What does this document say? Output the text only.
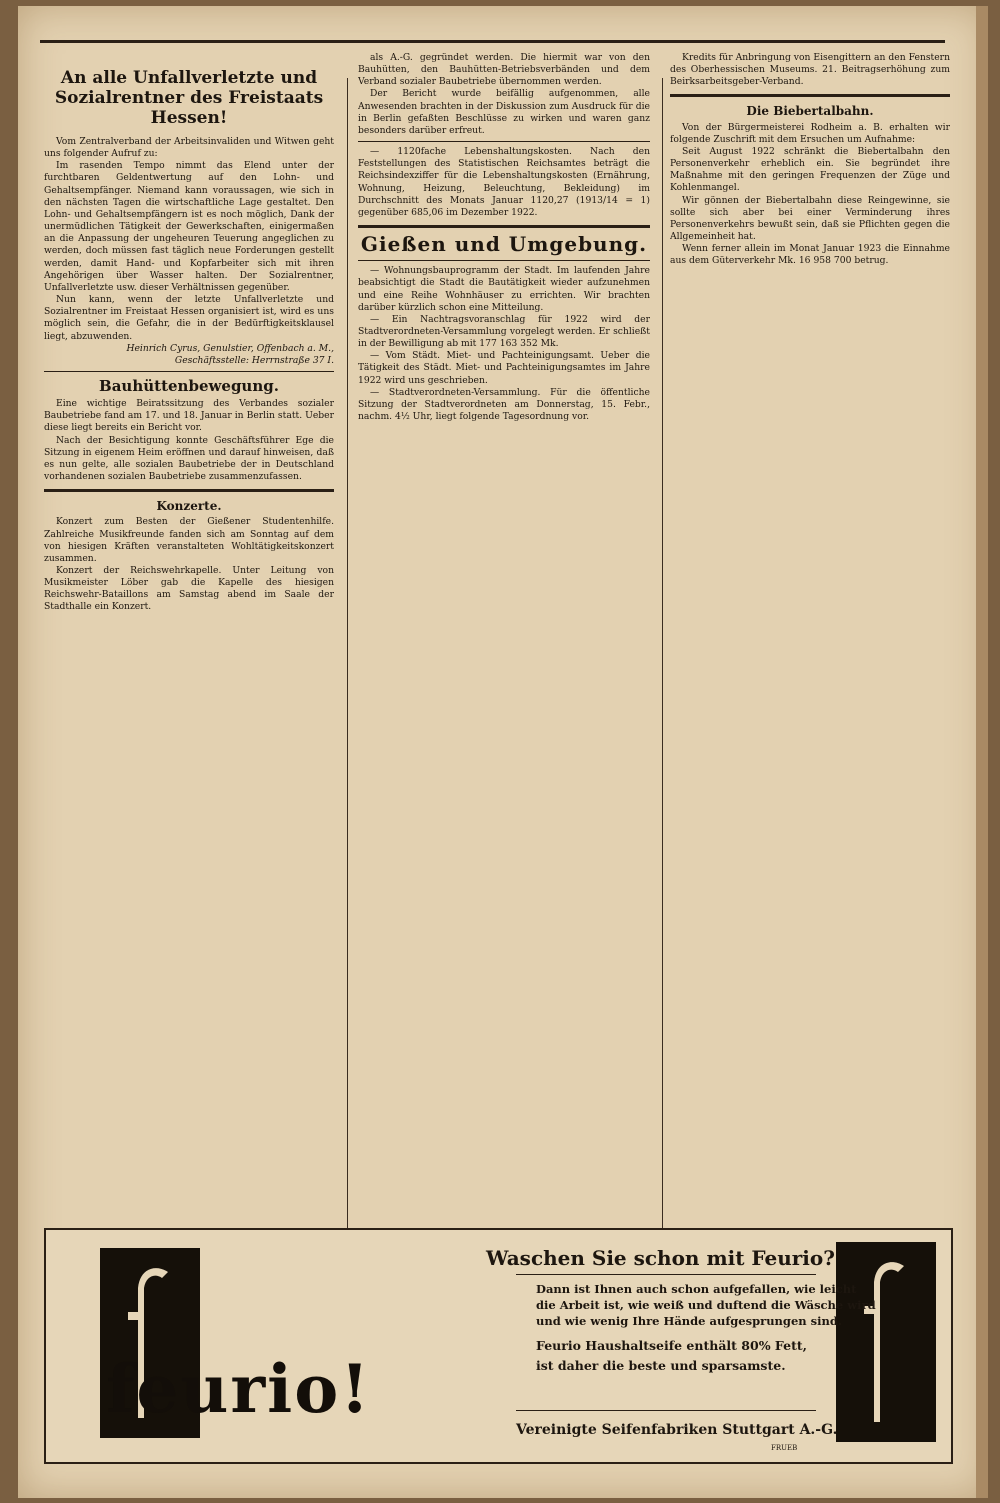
An alle Unfallverletzte und Sozialrentner des Freistaats Hessen!

Vom Zentralverband der Arbeitsinvaliden und Witwen geht uns folgender Aufruf zu:

Im rasenden Tempo nimmt das Elend unter der furchtbaren Geldentwertung auf den Lohn- und Gehaltsempfänger. Niemand kann voraussagen, wie sich in den nächsten Tagen die wirtschaftliche Lage gestaltet. Den Lohn- und Gehaltsempfängern ist es noch möglich, Dank der unermüdlichen Tätigkeit der Gewerkschaften, einigermaßen an die Anpassung der ungeheuren Teuerung angeglichen zu werden, doch müssen fast täglich neue Forderungen gestellt werden, damit Hand- und Kopfarbeiter sich mit ihren Angehörigen über Wasser halten. Der Sozialrentner, Unfallverletzte usw. dieser Verhältnissen gegenüber.

Nun kann, wenn der letzte Unfallverletzte und Sozialrentner im Freistaat Hessen organisiert ist, wird es uns möglich sein, die Gefahr, die in der Bedürftigkeitsklausel liegt, abzuwenden.

Heinrich Cyrus, Genulstier, Offenbach a. M., Geschäftsstelle: Herrnstraße 37 I.

Bauhüttenbewegung.

Eine wichtige Beiratssitzung des Verbandes sozialer Baubetriebe fand am 17. und 18. Januar in Berlin statt. Ueber diese liegt bereits ein Bericht vor.

Nach der Besichtigung konnte Geschäftsführer Ege die Sitzung in eigenem Heim eröffnen und darauf hinweisen, daß es nun gelte, alle sozialen Baubetriebe der in Deutschland vorhandenen sozialen Baubetriebe zusammenzufassen.

Konzerte.

Konzert zum Besten der Gießener Studentenhilfe. Zahlreiche Musikfreunde fanden sich am Sonntag auf dem von hiesigen Kräften veranstalteten Wohltätigkeitskonzert zusammen.

Konzert der Reichswehrkapelle. Unter Leitung von Musikmeister Löber gab die Kapelle des hiesigen Reichswehr-Bataillons am Samstag abend im Saale der Stadthalle ein Konzert.

als A.-G. gegründet werden. Die hiermit war von den Bauhütten, den Bauhütten-Betriebsverbänden und dem Verband sozialer Baubetriebe übernommen werden.

Der Bericht wurde beifällig aufgenommen, alle Anwesenden brachten in der Diskussion zum Ausdruck für die in Berlin gefaßten Beschlüsse zu wirken und waren ganz besonders darüber erfreut.

— 1120fache Lebenshaltungskosten. Nach den Feststellungen des Statistischen Reichsamtes beträgt die Reichsindexziffer für die Lebenshaltungskosten (Ernährung, Wohnung, Heizung, Beleuchtung, Bekleidung) im Durchschnitt des Monats Januar 1120,27 (1913/14 = 1) gegenüber 685,06 im Dezember 1922.

Gießen und Umgebung.

— Wohnungsbauprogramm der Stadt. Im laufenden Jahre beabsichtigt die Stadt die Bautätigkeit wieder aufzunehmen und eine Reihe Wohnhäuser zu errichten. Wir brachten darüber kürzlich schon eine Mitteilung.

— Ein Nachtragsvoranschlag für 1922 wird der Stadtverordneten-Versammlung vorgelegt werden. Er schließt in der Bewilligung ab mit 177 163 352 Mk.

— Vom Städt. Miet- und Pachteinigungsamt. Ueber die Tätigkeit des Städt. Miet- und Pachteinigungsamtes im Jahre 1922 wird uns geschrieben.

— Stadtverordneten-Versammlung. Für die öffentliche Sitzung der Stadtverordneten am Donnerstag, 15. Febr., nachm. 4½ Uhr, liegt folgende Tagesordnung vor.

Kredits für Anbringung von Eisengittern an den Fenstern des Oberhessischen Museums. 21. Beitragserhöhung zum Beirksarbeitsgeber-Verband.

Die Biebertalbahn.

Von der Bürgermeisterei Rodheim a. B. erhalten wir folgende Zuschrift mit dem Ersuchen um Aufnahme:

Seit August 1922 schränkt die Biebertalbahn den Personenverkehr erheblich ein. Sie begründet ihre Maßnahme mit den geringen Frequenzen der Züge und Kohlenmangel.

Wir gönnen der Biebertalbahn diese Reingewinne, sie sollte sich aber bei einer Verminderung ihres Personenverkehrs bewußt sein, daß sie Pflichten gegen die Allgemeinheit hat.

Wenn ferner allein im Monat Januar 1923 die Einnahme aus dem Güterverkehr Mk. 16 958 700 betrug.

feurio!
Waschen Sie schon mit Feurio?
Dann ist Ihnen auch schon aufgefallen, wie leicht
die Arbeit ist, wie weiß und duftend die Wäsche wird
und wie wenig Ihre Hände aufgesprungen sind.
Feurio Haushaltseife enthält 80% Fett,
ist daher die beste und sparsamste.
Vereinigte Seifenfabriken Stuttgart A.-G.
FRUEB
